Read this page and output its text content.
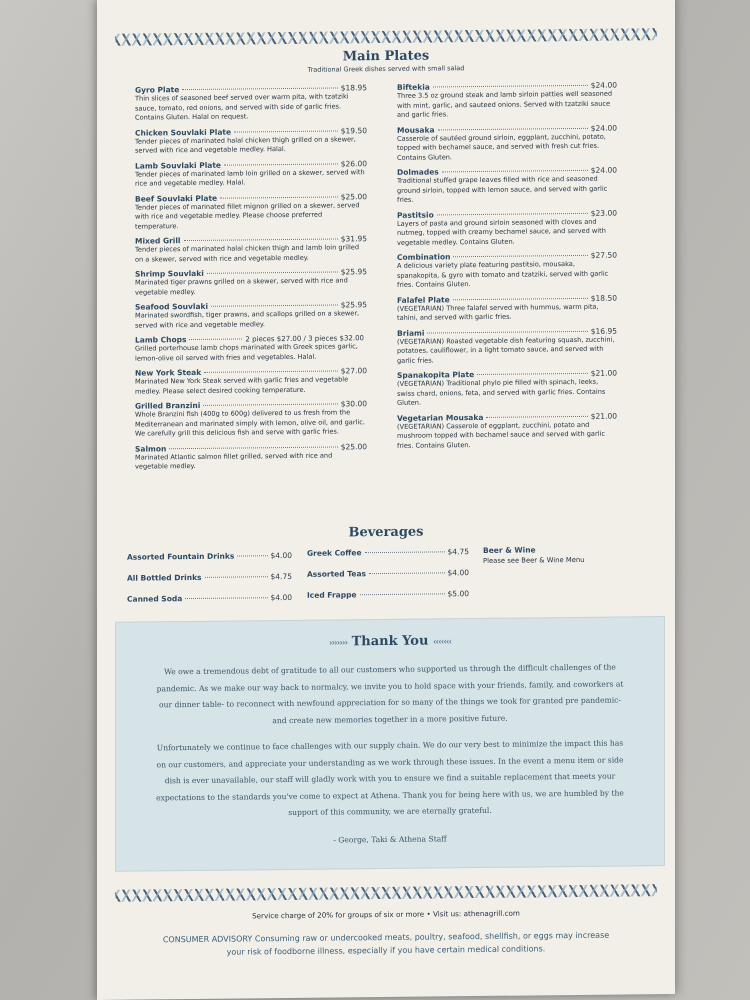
Main Plates
Traditional Greek dishes served with small salad
Gyro Plate	$18.95
Thin slices of seasoned beef served over warm pita, with tzatziki sauce, tomato, red onions, and served with side of garlic fries. Contains Gluten. Halal on request.
Chicken Souvlaki Plate	$19.50
Tender pieces of marinated halal chicken thigh grilled on a skewer, served with rice and vegetable medley. Halal.
Lamb Souvlaki Plate	$26.00
Tender pieces of marinated lamb loin grilled on a skewer, served with rice and vegetable medley. Halal.
Beef Souvlaki Plate	$25.00
Tender pieces of marinated fillet mignon grilled on a skewer, served with rice and vegetable medley. Please choose preferred temperature.
Mixed Grill	$31.95
Tender pieces of marinated halal chicken thigh and lamb loin grilled on a skewer, served with rice and vegetable medley.
Shrimp Souvlaki	$25.95
Marinated tiger prawns grilled on a skewer, served with rice and vegetable medley.
Seafood Souvlaki	$25.95
Marinated swordfish, tiger prawns, and scallops grilled on a skewer, served with rice and vegetable medley.
Lamb Chops	2 pieces $27.00 / 3 pieces $32.00
Grilled porterhouse lamb chops marinated with Greek spices garlic, lemon-olive oil served with fries and vegetables. Halal.
New York Steak	$27.00
Marinated New York Steak served with garlic fries and vegetable medley. Please select desired cooking temperature.
Grilled Branzini	$30.00
Whole Branzini fish (400g to 600g) delivered to us fresh from the Mediterranean and marinated simply with lemon, olive oil, and garlic. We carefully grill this delicious fish and serve with garlic fries.
Salmon	$25.00
Marinated Atlantic salmon fillet grilled, served with rice and vegetable medley.
Biftekia	$24.00
Three 3.5 oz ground steak and lamb sirloin patties well seasoned with mint, garlic, and sauteed onions. Served with tzatziki sauce and garlic fries.
Mousaka	$24.00
Casserole of sautéed ground sirloin, eggplant, zucchini, potato, topped with bechamel sauce, and served with fresh cut fries. Contains Gluten.
Dolmades	$24.00
Traditional stuffed grape leaves filled with rice and seasoned ground sirloin, topped with lemon sauce, and served with garlic fries.
Pastitsio	$23.00
Layers of pasta and ground sirloin seasoned with cloves and nutmeg, topped with creamy bechamel sauce, and served with vegetable medley. Contains Gluten.
Combination	$27.50
A delicious variety plate featuring pastitsio, mousaka, spanakopita, & gyro with tomato and tzatziki, served with garlic fries. Contains Gluten.
Falafel Plate	$18.50
(VEGETARIAN) Three falafel served with hummus, warm pita, tahini, and served with garlic fries.
Briami	$16.95
(VEGETARIAN) Roasted vegetable dish featuring squash, zucchini, potatoes, cauliflower, in a light tomato sauce, and served with garlic fries.
Spanakopita Plate	$21.00
(VEGETARIAN) Traditional phylo pie filled with spinach, leeks, swiss chard, onions, feta, and served with garlic fries. Contains Gluten.
Vegetarian Mousaka	$21.00
(VEGETARIAN) Casserole of eggplant, zucchini, potato and mushroom topped with bechamel sauce and served with garlic fries. Contains Gluten.
Beverages
Assorted Fountain Drinks	$4.00
All Bottled Drinks	$4.75
Canned Soda	$4.00
Greek Coffee	$4.75
Assorted Teas	$4.00
Iced Frappe	$5.00
Beer & Wine
Please see Beer & Wine Menu
››››››› Thank You ‹‹‹‹‹‹‹
We owe a tremendous debt of gratitude to all our customers who supported us through the difficult challenges of the pandemic. As we make our way back to normalcy, we invite you to hold space with your friends, family, and coworkers at our dinner table- to reconnect with newfound appreciation for so many of the things we took for granted pre pandemic- and create new memories together in a more positive future.
Unfortunately we continue to face challenges with our supply chain. We do our very best to minimize the impact this has on our customers, and appreciate your understanding as we work through these issues. In the event a menu item or side dish is ever unavailable, our staff will gladly work with you to ensure we find a suitable replacement that meets your expectations to the standards you've come to expect at Athena. Thank you for being here with us, we are humbled by the support of this community, we are eternally grateful.
- George, Taki & Athena Staff
Service charge of 20% for groups of six or more • Visit us: athenagrill.com
CONSUMER ADVISORY Consuming raw or undercooked meats, poultry, seafood, shellfish, or eggs may increase your risk of foodborne illness, especially if you have certain medical conditions.
